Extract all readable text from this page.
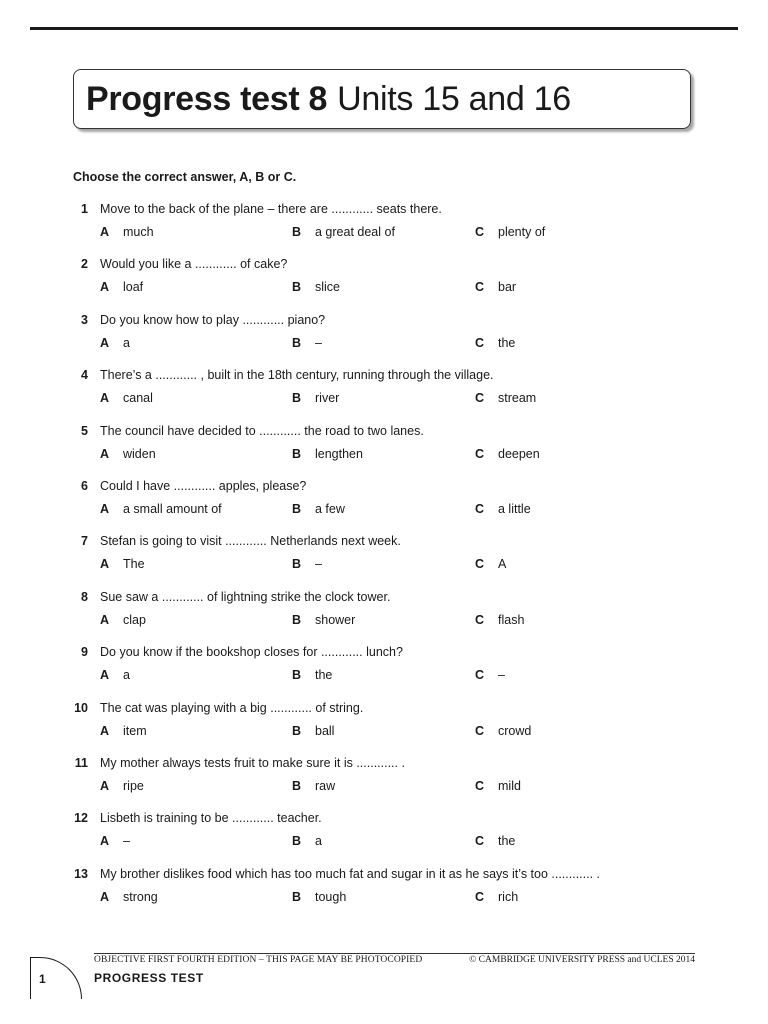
Progress test 8 Units 15 and 16
Choose the correct answer, A, B or C.
1 Move to the back of the plane – there are ............ seats there.
A much	B a great deal of	C plenty of
2 Would you like a ............ of cake?
A loaf	B slice	C bar
3 Do you know how to play ............ piano?
A a	B –	C the
4 There’s a ............ , built in the 18th century, running through the village.
A canal	B river	C stream
5 The council have decided to ............ the road to two lanes.
A widen	B lengthen	C deepen
6 Could I have ............ apples, please?
A a small amount of	B a few	C a little
7 Stefan is going to visit ............ Netherlands next week.
A The	B –	C A
8 Sue saw a ............ of lightning strike the clock tower.
A clap	B shower	C flash
9 Do you know if the bookshop closes for ............ lunch?
A a	B the	C –
10 The cat was playing with a big ............ of string.
A item	B ball	C crowd
11 My mother always tests fruit to make sure it is ............ .
A ripe	B raw	C mild
12 Lisbeth is training to be ............ teacher.
A –	B a	C the
13 My brother dislikes food which has too much fat and sugar in it as he says it’s too ............ .
A strong	B tough	C rich
OBJECTIVE FIRST FOURTH EDITION – THIS PAGE MAY BE PHOTOCOPIED	© CAMBRIDGE UNIVERSITY PRESS and UCLES 2014
1	PROGRESS TEST
